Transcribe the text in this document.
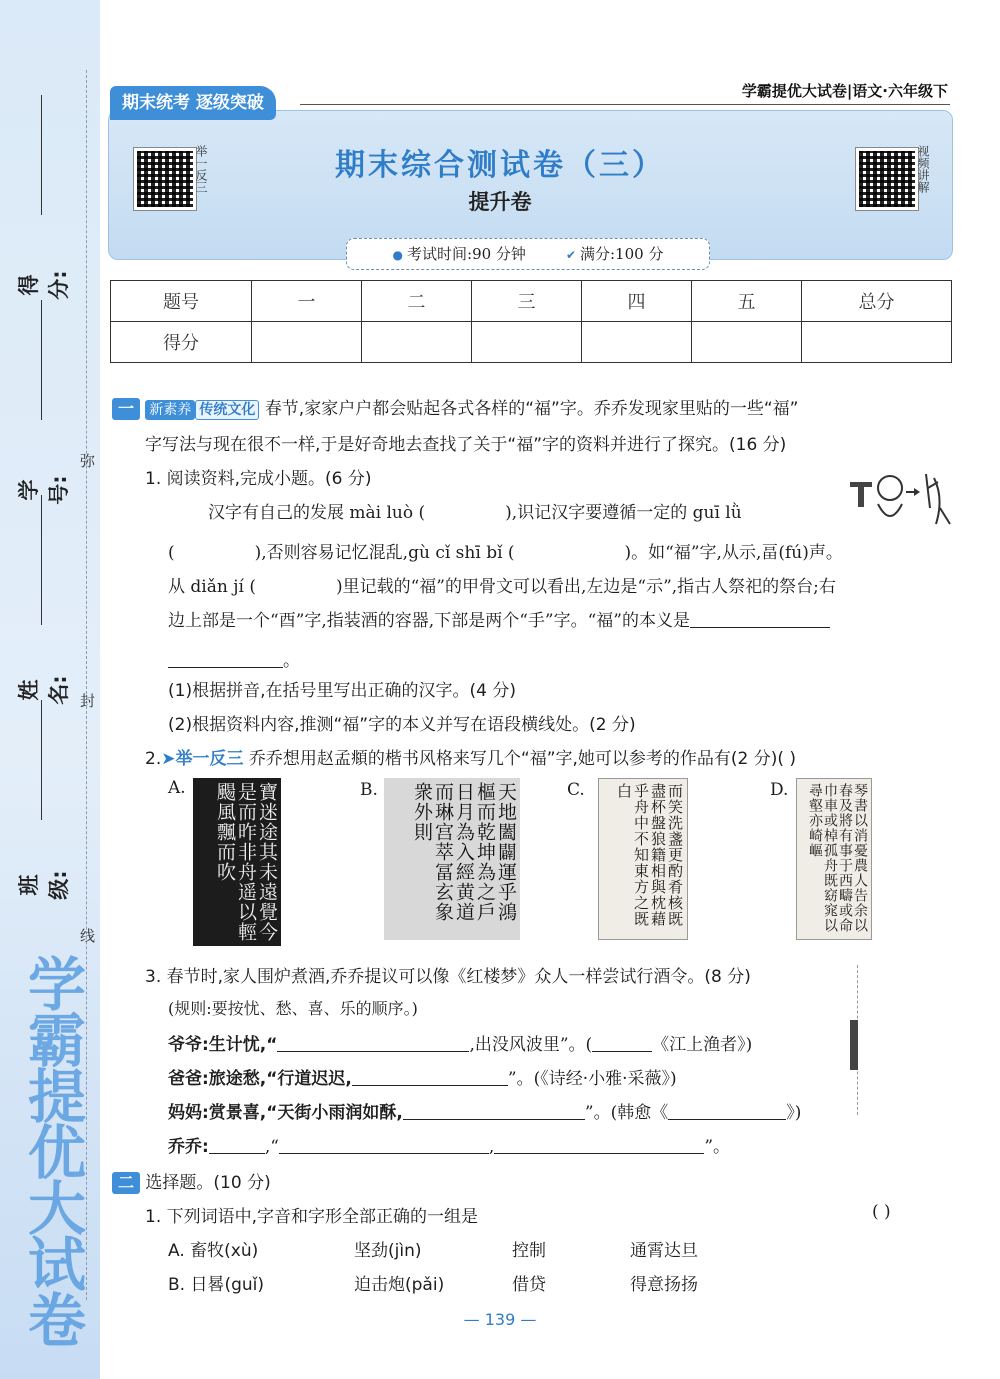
得分:
学号:
姓名:
班级:
弥
封
线
学霸提优大试卷
学霸提优大试卷|语文·六年级下
期末统考 逐级突破
举一反三	视频讲解
期末综合测试卷（三）
提升卷
● 考试时间:90 分钟	✔ 满分:100 分
题号	一	二	三	四	五	总分
得分						
一 新素养 传统文化 春节,家家户户都会贴起各式各样的“福”字。乔乔发现家里贴的一些“福”
字写法与现在很不一样,于是好奇地去查找了关于“福”字的资料并进行了探究。(16 分)
1. 阅读资料,完成小题。(6 分)
汉字有自己的发展 mài luò (	),识记汉字要遵循一定的 guī lǜ
(	),否则容易记忆混乱,gù cǐ shī bǐ (	)。如“福”字,从示,畐(fú)声。
从 diǎn jí (	)里记载的“福”的甲骨文可以看出,左边是“示”,指古人祭祀的祭台;右
边上部是一个“酉”字,指装酒的容器,下部是两个“手”字。“福”的本义是
。
(1)根据拼音,在括号里写出正确的汉字。(4 分)
(2)根据资料内容,推测“福”字的本义并写在语段横线处。(2 分)
2.➤举一反三 乔乔想用赵孟頫的楷书风格来写几个“福”字,她可以参考的作品有(2 分)( )
A.	寶迷途其未遠覺今是而昨非舟遥以輕颺風飄而吹	B.	天地闔闢運乎鴻樞而乾坤為之戶日月為入經黄道而琳宫萃冨玄象衆外則	C.	而笑洗盞更酌肴核既盡杯盤狼籍相與枕藉乎舟中不知東方之既白	D.	琴書以消憂農人告余以春及將有事于西疇或命巾車或棹孤舟既窈窕以尋壑亦崎嶇
3. 春节时,家人围炉煮酒,乔乔提议可以像《红楼梦》众人一样尝试行酒令。(8 分)
(规则:要按忧、愁、喜、乐的顺序。)
爷爷:生计忧,“	,出没风波里”。(	《江上渔者》)
爸爸:旅途愁,“行道迟迟,	”。(《诗经·小雅·采薇》)
妈妈:赏景喜,“天街小雨润如酥,	”。(韩愈《	》)
乔乔:	,“	,	”。
二 选择题。(10 分)
1. 下列词语中,字音和字形全部正确的一组是	( )
A. 畜牧(xù)	坚劲(jìn)	控制	通霄达旦
B. 日晷(guǐ)	迫击炮(pǎi)	借贷	得意扬扬
— 139 —
